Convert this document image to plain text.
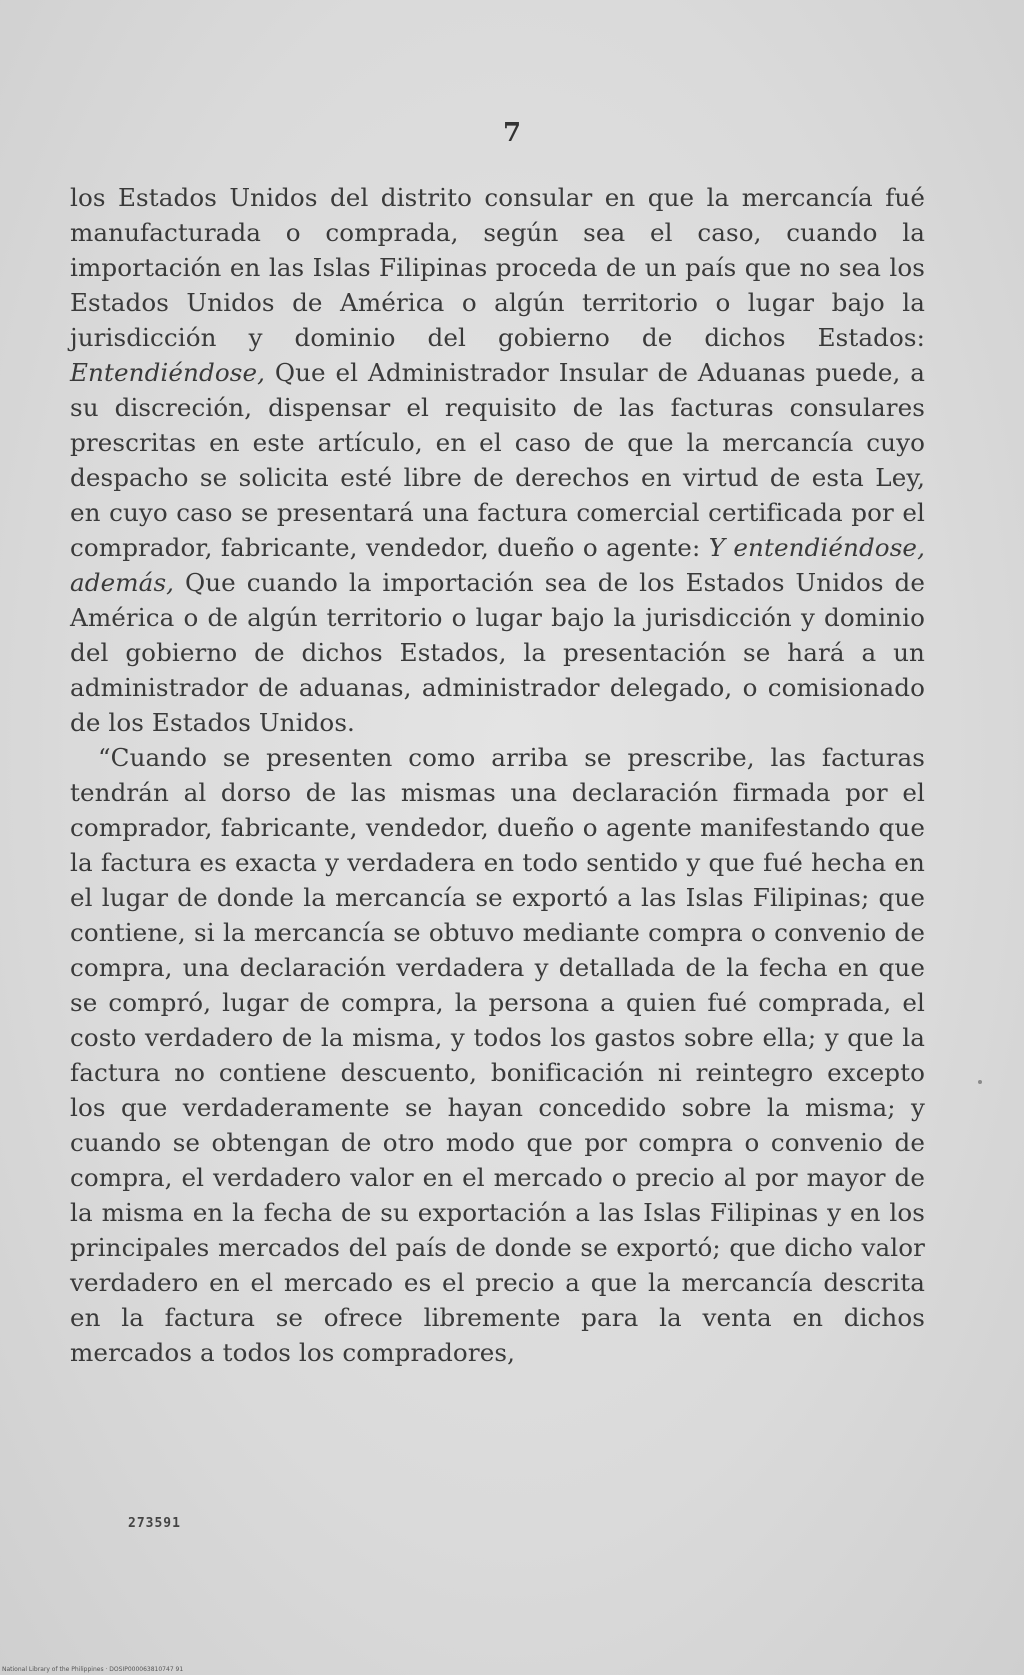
7

los Estados Unidos del distrito consular en que la mercancía fué manufacturada o comprada, según sea el caso, cuando la importación en las Islas Filipinas proceda de un país que no sea los Estados Unidos de América o algún territorio o lugar bajo la jurisdicción y dominio del gobierno de dichos Estados: Entendiéndose, Que el Administrador Insular de Aduanas puede, a su discreción, dispensar el requisito de las facturas consulares prescritas en este artículo, en el caso de que la mercancía cuyo despacho se solicita esté libre de derechos en virtud de esta Ley, en cuyo caso se presentará una factura comercial certificada por el comprador, fabricante, vendedor, dueño o agente: Y entendiéndose, además, Que cuando la importación sea de los Estados Unidos de América o de algún territorio o lugar bajo la jurisdicción y dominio del gobierno de dichos Estados, la presentación se hará a un administrador de aduanas, administrador delegado, o comisionado de los Estados Unidos.

“Cuando se presenten como arriba se prescribe, las facturas tendrán al dorso de las mismas una declaración firmada por el comprador, fabricante, vendedor, dueño o agente manifestando que la factura es exacta y verdadera en todo sentido y que fué hecha en el lugar de donde la mercancía se exportó a las Islas Filipinas; que contiene, si la mercancía se obtuvo mediante compra o convenio de compra, una declaración verdadera y detallada de la fecha en que se compró, lugar de compra, la persona a quien fué comprada, el costo verdadero de la misma, y todos los gastos sobre ella; y que la factura no contiene descuento, bonificación ni reintegro excepto los que verdaderamente se hayan concedido sobre la misma; y cuando se obtengan de otro modo que por compra o convenio de compra, el verdadero valor en el mercado o precio al por mayor de la misma en la fecha de su exportación a las Islas Filipinas y en los principales mercados del país de donde se exportó; que dicho valor verdadero en el mercado es el precio a que la mercancía descrita en la factura se ofrece libremente para la venta en dichos mercados a todos los compradores,

273591
National Library of the Philippines · DOSIP000063810747 91
